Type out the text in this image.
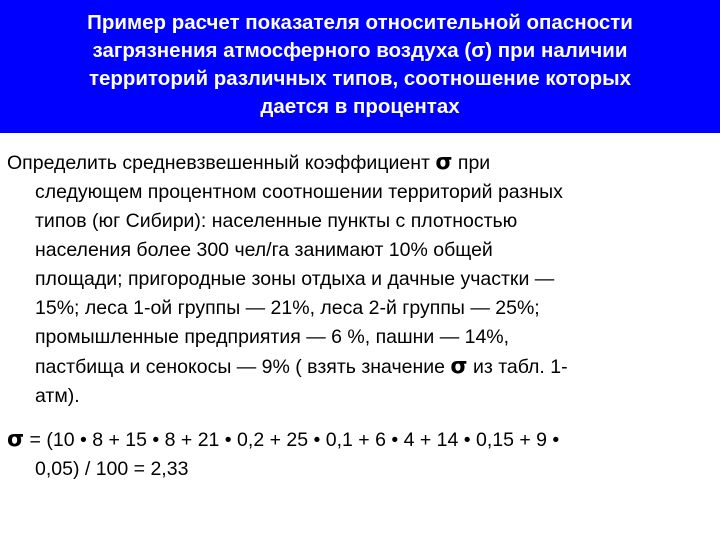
Пример расчет показателя относительной опасности
загрязнения атмосферного воздуха (σ) при наличии
территорий различных типов, соотношение которых
дается в процентах
Определить средневзвешенный коэффициент σ при
следующем процентном соотношении территорий разных
типов (юг Сибири): населенные пункты с плотностью
населения более 300 чел/га занимают 10% общей
площади; пригородные зоны отдыха и дачные участки —
15%; леса 1-ой группы — 21%, леса 2-й группы — 25%;
промышленные предприятия — 6 %, пашни — 14%,
пастбища и сенокосы — 9% ( взять значение σ из табл. 1-
атм).
σ = (10 • 8 + 15 • 8 + 21 • 0,2 + 25 • 0,1 + 6 • 4 + 14 • 0,15 + 9 •
0,05) / 100 = 2,33
